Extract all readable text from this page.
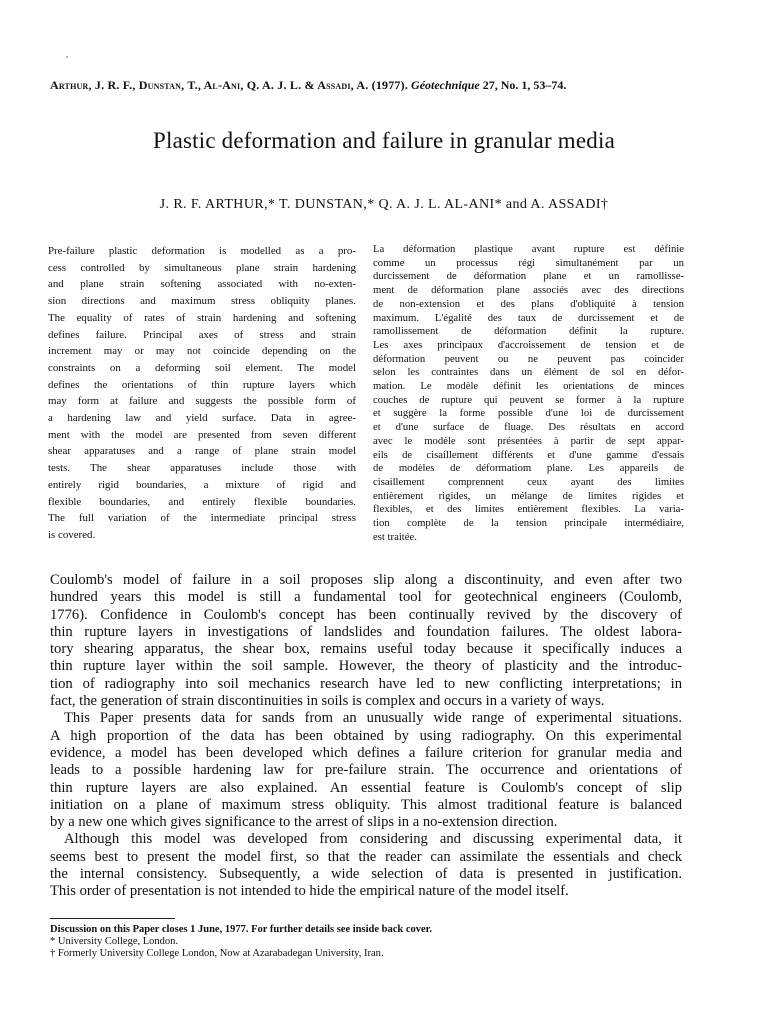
Arthur, J. R. F., Dunstan, T., Al-Ani, Q. A. J. L. & Assadi, A. (1977). Géotechnique 27, No. 1, 53–74.
Plastic deformation and failure in granular media
J. R. F. ARTHUR,* T. DUNSTAN,* Q. A. J. L. AL-ANI* and A. ASSADI†
Pre-failure plastic deformation is modelled as a pro-
cess controlled by simultaneous plane strain hardening
and plane strain softening associated with no-exten-
sion directions and maximum stress obliquity planes.
The equality of rates of strain hardening and softening
defines failure. Principal axes of stress and strain
increment may or may not coincide depending on the
constraints on a deforming soil element. The model
defines the orientations of thin rupture layers which
may form at failure and suggests the possible form of
a hardening law and yield surface. Data in agree-
ment with the model are presented from seven different
shear apparatuses and a range of plane strain model
tests. The shear apparatuses include those with
entirely rigid boundaries, a mixture of rigid and
flexible boundaries, and entirely flexible boundaries.
The full variation of the intermediate principal stress
is covered.
La déformation plastique avant rupture est définie
comme un processus régi simultanément par un
durcissement de déformation plane et un ramollisse-
ment de déformation plane associés avec des directions
de non-extension et des plans d'obliquité à tension
maximum. L'égalité des taux de durcissement et de
ramollissement de déformation définit la rupture.
Les axes principaux d'accroissement de tension et de
déformation peuvent ou ne peuvent pas coincider
selon les contraintes dans un élément de sol en défor-
mation. Le modèle définit les orientations de minces
couches de rupture qui peuvent se former à la rupture
et suggère la forme possible d'une loi de durcissement
et d'une surface de fluage. Des résultats en accord
avec le modèle sont présentées à partir de sept appar-
eils de cisaillement différents et d'une gamme d'essais
de modèles de déformatiom plane. Les appareils de
cisaillement comprennent ceux ayant des limites
entièrement rigides, un mélange de limites rigides et
flexibles, et des limites entièrement flexibles. La varia-
tion complète de la tension principale intermédiaire,
est traitée.
Coulomb's model of failure in a soil proposes slip along a discontinuity, and even after two
hundred years this model is still a fundamental tool for geotechnical engineers (Coulomb,
1776). Confidence in Coulomb's concept has been continually revived by the discovery of
thin rupture layers in investigations of landslides and foundation failures. The oldest labora-
tory shearing apparatus, the shear box, remains useful today because it specifically induces a
thin rupture layer within the soil sample. However, the theory of plasticity and the introduc-
tion of radiography into soil mechanics research have led to new conflicting interpretations; in
fact, the generation of strain discontinuities in soils is complex and occurs in a variety of ways.
This Paper presents data for sands from an unusually wide range of experimental situations.
A high proportion of the data has been obtained by using radiography. On this experimental
evidence, a model has been developed which defines a failure criterion for granular media and
leads to a possible hardening law for pre-failure strain. The occurrence and orientations of
thin rupture layers are also explained. An essential feature is Coulomb's concept of slip
initiation on a plane of maximum stress obliquity. This almost traditional feature is balanced
by a new one which gives significance to the arrest of slips in a no-extension direction.
Although this model was developed from considering and discussing experimental data, it
seems best to present the model first, so that the reader can assimilate the essentials and check
the internal consistency. Subsequently, a wide selection of data is presented in justification.
This order of presentation is not intended to hide the empirical nature of the model itself.
Discussion on this Paper closes 1 June, 1977. For further details see inside back cover.
* University College, London.
† Formerly University College London, Now at Azarabadegan University, Iran.
